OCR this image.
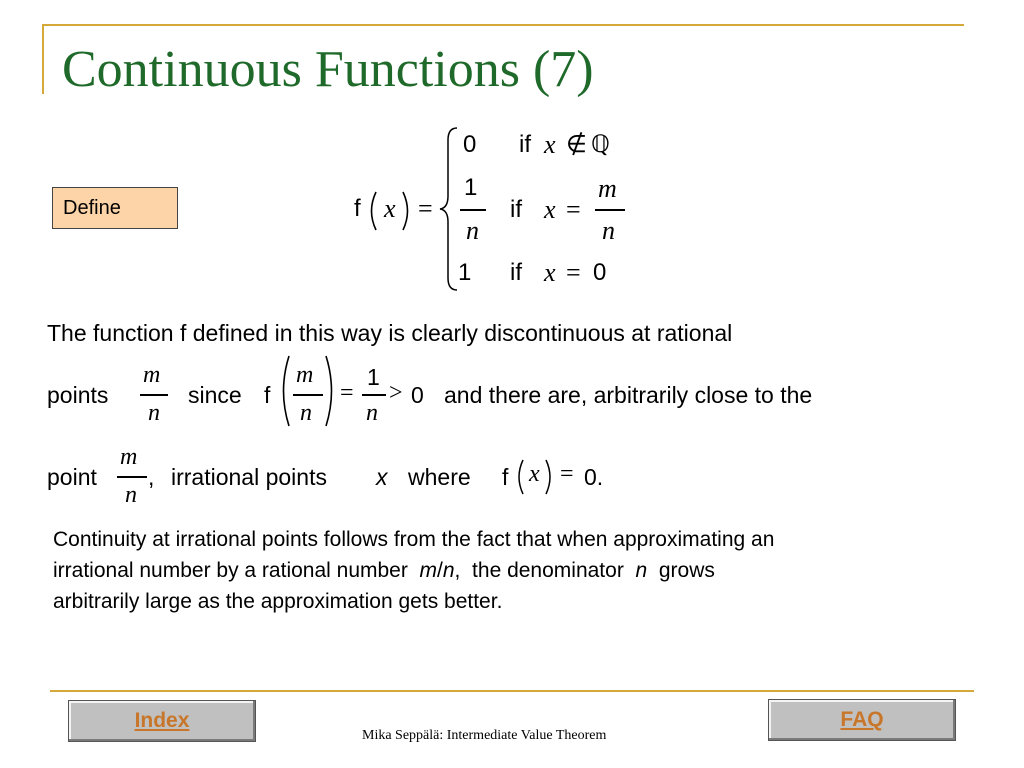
Continuous Functions (7)
Define	f x =
0 if x ∉ ℚ
1
n
if x =
m
n
1 if x = 0
The function f defined in this way is clearly discontinuous at rational
points
m
n
since f
m
n
=
1
n
> 0 and there are, arbitrarily close to the
point
m
n
, irrational points x where f x = 0.
Continuity at irrational points follows from the fact that when approximating an
irrational number by a rational number  m/n,  the denominator  n  grows
arbitrarily large as the approximation gets better.
Index	FAQ
Mika Seppälä: Intermediate Value Theorem
